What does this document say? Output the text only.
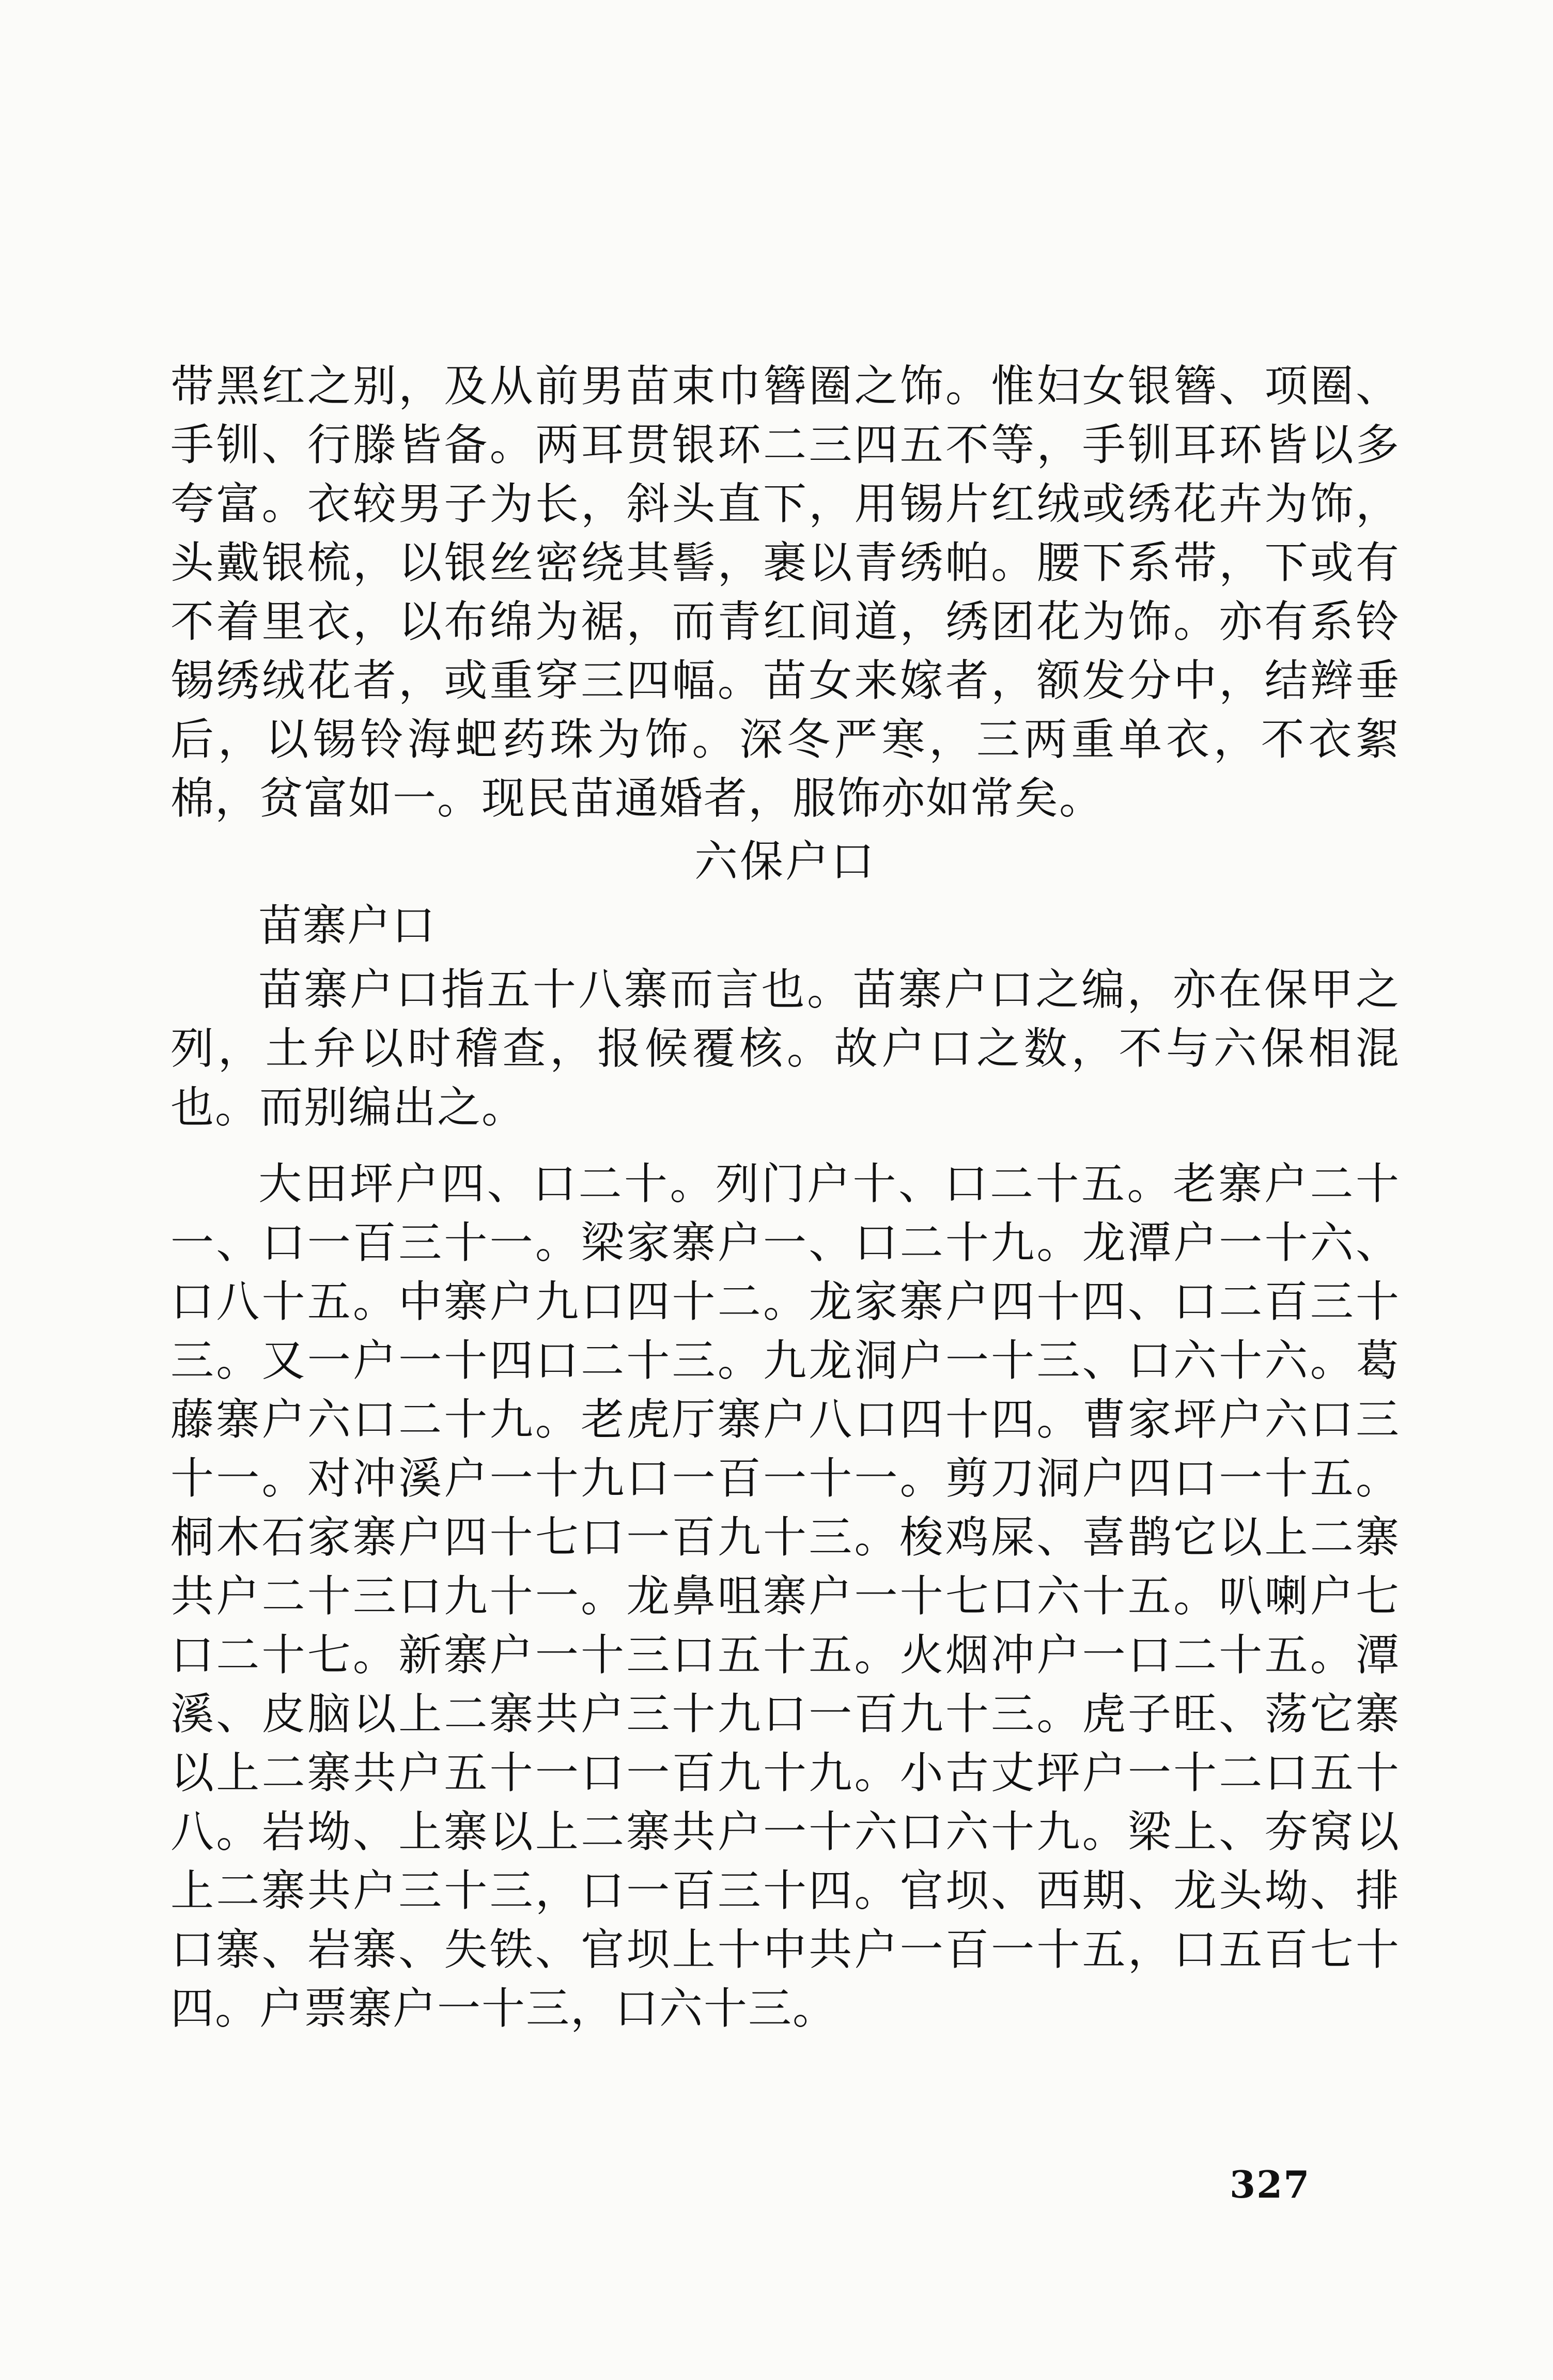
带黑红之别，及从前男苗束巾簪圈之饰。惟妇女银簪、项圈、手钏、行滕皆备。两耳贯银环二三四五不等，手钏耳环皆以多夸富。衣较男子为长，斜头直下，用锡片红绒或绣花卉为饰，头戴银梳，以银丝密绕其髻，裹以青绣帕。腰下系带，下或有不着里衣，以布绵为裾，而青红间道，绣团花为饰。亦有系铃锡绣绒花者，或重穿三四幅。苗女来嫁者，额发分中，结辫垂后，以锡铃海蚆药珠为饰。深冬严寒，三两重单衣，不衣絮棉，贫富如一。现民苗通婚者，服饰亦如常矣。

六保户口
苗寨户口

苗寨户口指五十八寨而言也。苗寨户口之编，亦在保甲之列，土弁以时稽查，报候覆核。故户口之数，不与六保相混也。而别编出之。

大田坪户四、口二十。列门户十、口二十五。老寨户二十一、口一百三十一。梁家寨户一、口二十九。龙潭户一十六、口八十五。中寨户九口四十二。龙家寨户四十四、口二百三十三。又一户一十四口二十三。九龙洞户一十三、口六十六。葛藤寨户六口二十九。老虎厅寨户八口四十四。曹家坪户六口三十一。对冲溪户一十九口一百一十一。剪刀洞户四口一十五。桐木石家寨户四十七口一百九十三。梭鸡屎、喜鹊它以上二寨共户二十三口九十一。龙鼻咀寨户一十七口六十五。叭喇户七口二十七。新寨户一十三口五十五。火烟冲户一口二十五。潭溪、皮脑以上二寨共户三十九口一百九十三。虎子旺、荡它寨以上二寨共户五十一口一百九十九。小古丈坪户一十二口五十八。岩坳、上寨以上二寨共户一十六口六十九。梁上、夯窝以上二寨共户三十三，口一百三十四。官坝、西期、龙头坳、排口寨、岩寨、失铁、官坝上十中共户一百一十五，口五百七十四。户票寨户一十三，口六十三。

327
